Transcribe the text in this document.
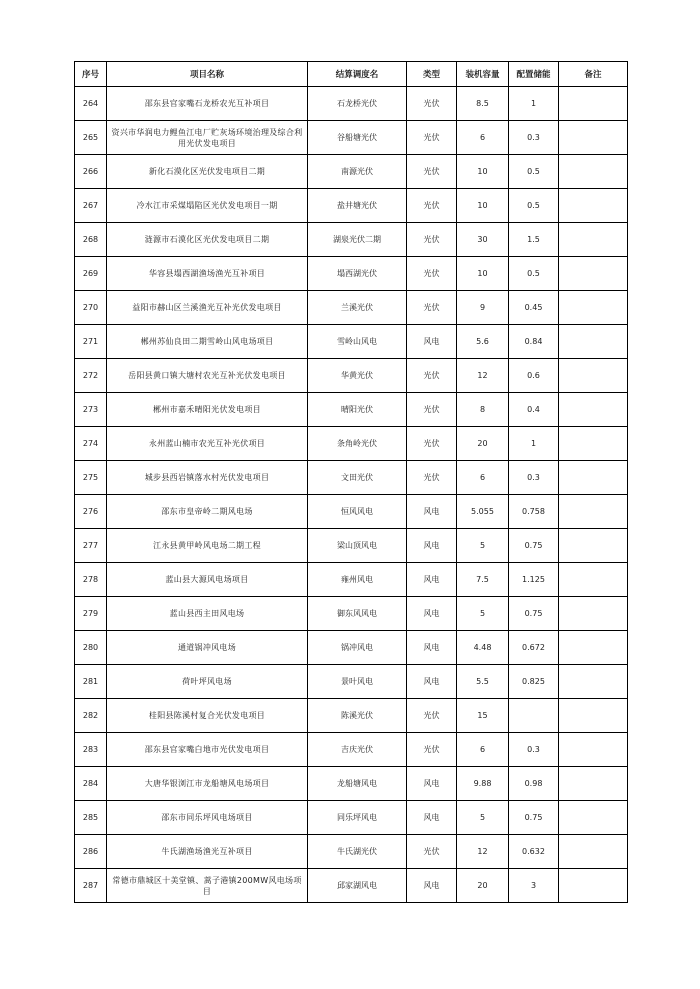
序号	项目名称	结算调度名	类型	装机容量	配置储能	备注
264	邵东县官家嘴石龙桥农光互补项目	石龙桥光伏	光伏	8.5	1	
265	资兴市华润电力鲤鱼江电厂贮灰场环境治理及综合利用光伏发电项目	谷船塘光伏	光伏	6	0.3	
266	新化石漠化区光伏发电项目二期	南源光伏	光伏	10	0.5	
267	冷水江市采煤塌陷区光伏发电项目一期	盐井塘光伏	光伏	10	0.5	
268	涟源市石漠化区光伏发电项目二期	湖泉光伏二期	光伏	30	1.5	
269	华容县塌西湖渔场渔光互补项目	塌西湖光伏	光伏	10	0.5	
270	益阳市赫山区兰溪渔光互补光伏发电项目	兰溪光伏	光伏	9	0.45	
271	郴州苏仙良田二期雪岭山风电场项目	雪岭山风电	风电	5.6	0.84	
272	岳阳县黄口镇大塘村农光互补光伏发电项目	华黄光伏	光伏	12	0.6	
273	郴州市嘉禾晴阳光伏发电项目	晴阳光伏	光伏	8	0.4	
274	永州蓝山楠市农光互补光伏项目	条角岭光伏	光伏	20	1	
275	城步县西岩镇落水村光伏发电项目	文田光伏	光伏	6	0.3	
276	邵东市皇帝岭二期风电场	恒风风电	风电	5.055	0.758	
277	江永县黄甲岭风电场二期工程	梁山顶风电	风电	5	0.75	
278	蓝山县大源风电场项目	雍州风电	风电	7.5	1.125	
279	蓝山县西主田风电场	御东风风电	风电	5	0.75	
280	通道锅冲风电场	锅冲风电	风电	4.48	0.672	
281	荷叶坪风电场	景叶风电	风电	5.5	0.825	
282	桂阳县陈溪村复合光伏发电项目	陈溪光伏	光伏	15		
283	邵东县官家嘴白地市光伏发电项目	吉庆光伏	光伏	6	0.3	
284	大唐华银浏江市龙船塘风电场项目	龙船塘风电	风电	9.88	0.98	
285	邵东市同乐坪风电场项目	同乐坪风电	风电	5	0.75	
286	牛氏湖渔场渔光互补项目	牛氏湖光伏	光伏	12	0.632	
287	常德市鼎城区十美堂镇、蒿子港镇200MW风电场项目	邱家湖风电	风电	20	3	
